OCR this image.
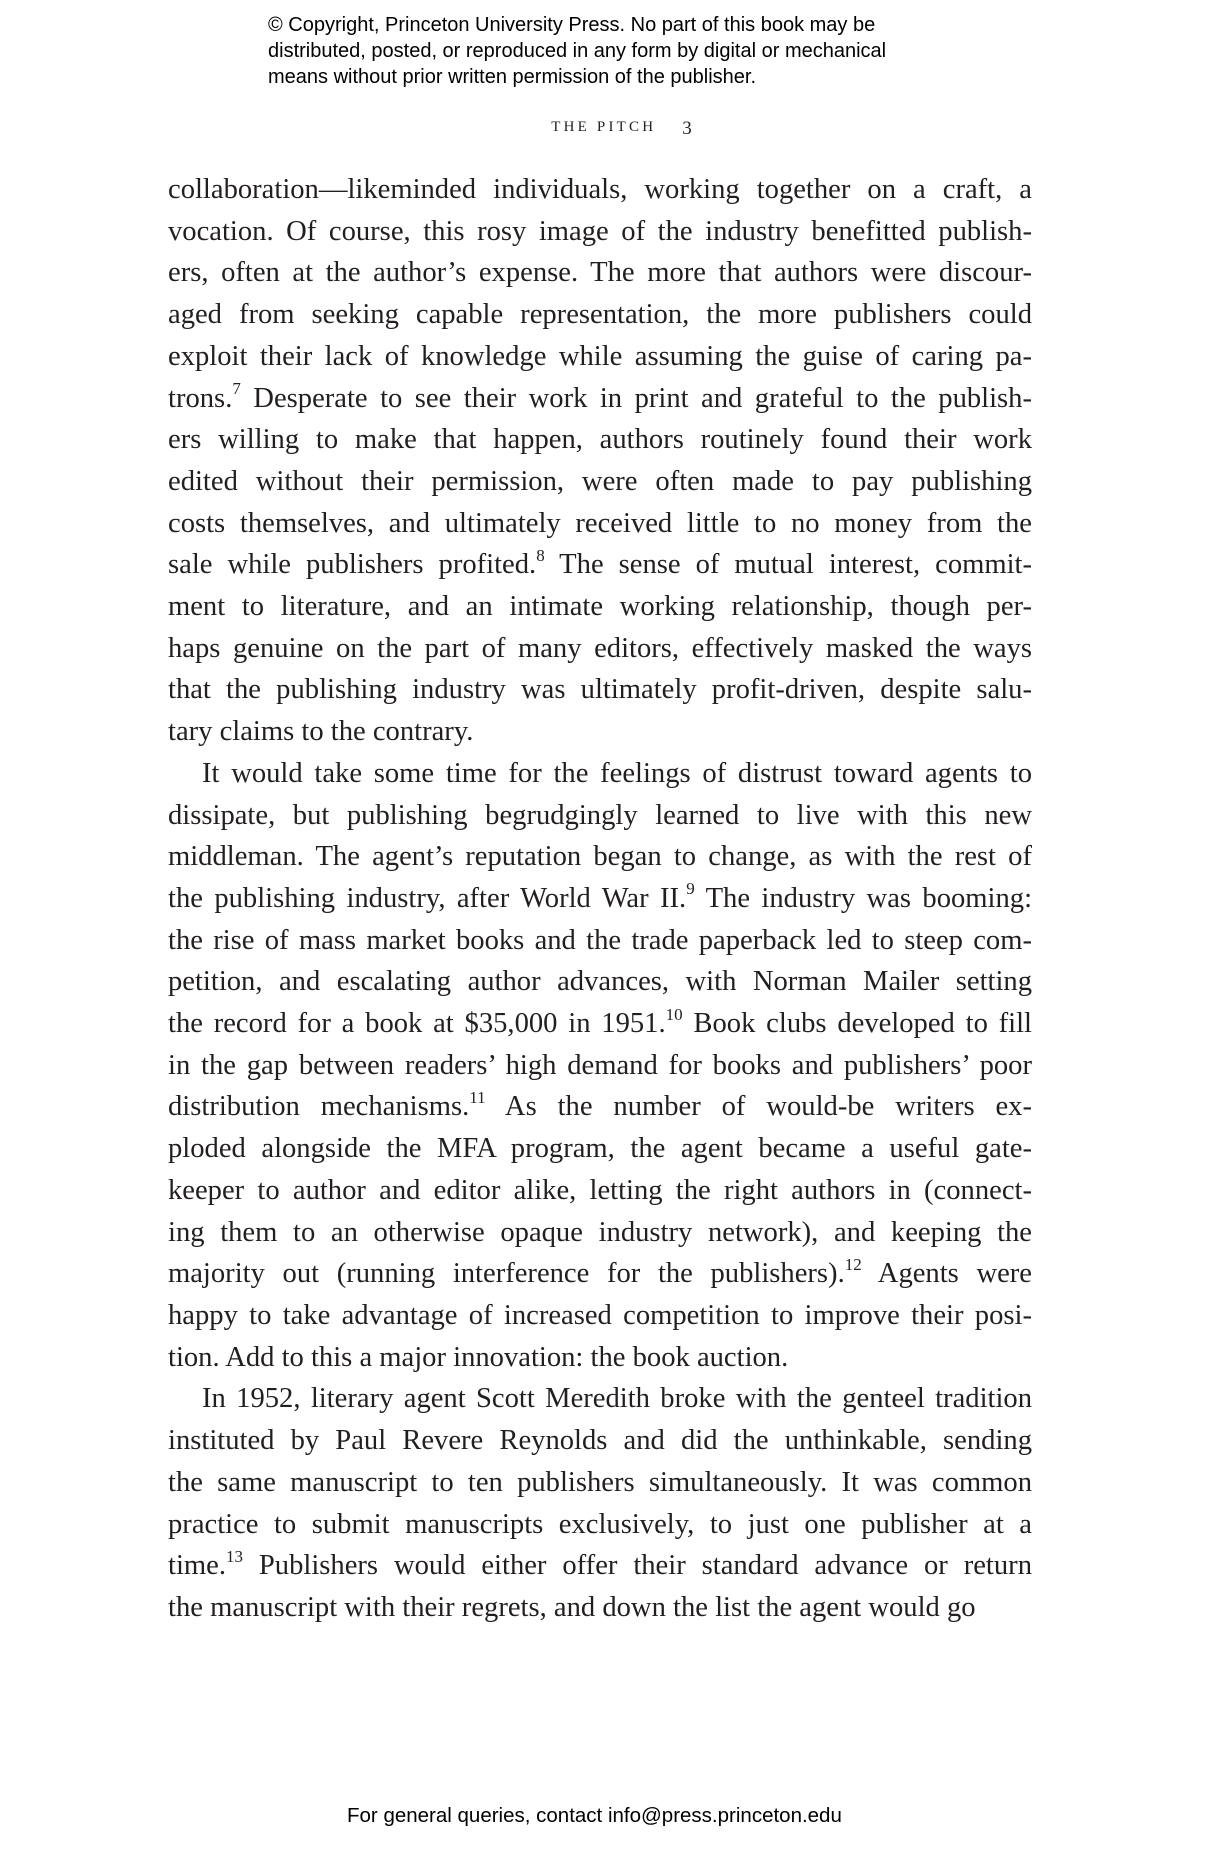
© Copyright, Princeton University Press. No part of this book may be
distributed, posted, or reproduced in any form by digital or mechanical
means without prior written permission of the publisher.
THE PITCH 3
collaboration—likeminded individuals, working together on a craft, a
vocation. Of course, this rosy image of the industry benefitted publish-
ers, often at the author’s expense. The more that authors were discour-
aged from seeking capable representation, the more publishers could
exploit their lack of knowledge while assuming the guise of caring pa-
trons.$^7$ Desperate to see their work in print and grateful to the publish-
ers willing to make that happen, authors routinely found their work
edited without their permission, were often made to pay publishing
costs themselves, and ultimately received little to no money from the
sale while publishers profited.$^8$ The sense of mutual interest, commit-
ment to literature, and an intimate working relationship, though per-
haps genuine on the part of many editors, effectively masked the ways
that the publishing industry was ultimately profit-driven, despite salu-
tary claims to the contrary.
It would take some time for the feelings of distrust toward agents to
dissipate, but publishing begrudgingly learned to live with this new
middleman. The agent’s reputation began to change, as with the rest of
the publishing industry, after World War II.$^9$ The industry was booming:
the rise of mass market books and the trade paperback led to steep com-
petition, and escalating author advances, with Norman Mailer setting
the record for a book at $35,000 in 1951.10 Book clubs developed to fill
in the gap between readers’ high demand for books and publishers’ poor
distribution mechanisms.$^{11}$ As the number of would-be writers ex-
ploded alongside the MFA program, the agent became a useful gate-
keeper to author and editor alike, letting the right authors in (connect-
ing them to an otherwise opaque industry network), and keeping the
majority out (running interference for the publishers).$^{12}$ Agents were
happy to take advantage of increased competition to improve their posi-
tion. Add to this a major innovation: the book auction.
In 1952, literary agent Scott Meredith broke with the genteel tradition
instituted by Paul Revere Reynolds and did the unthinkable, sending
the same manuscript to ten publishers simultaneously. It was common
practice to submit manuscripts exclusively, to just one publisher at a
time.$^{13}$ Publishers would either offer their standard advance or return
the manuscript with their regrets, and down the list the agent would go
For general queries, contact info@press.princeton.edu
